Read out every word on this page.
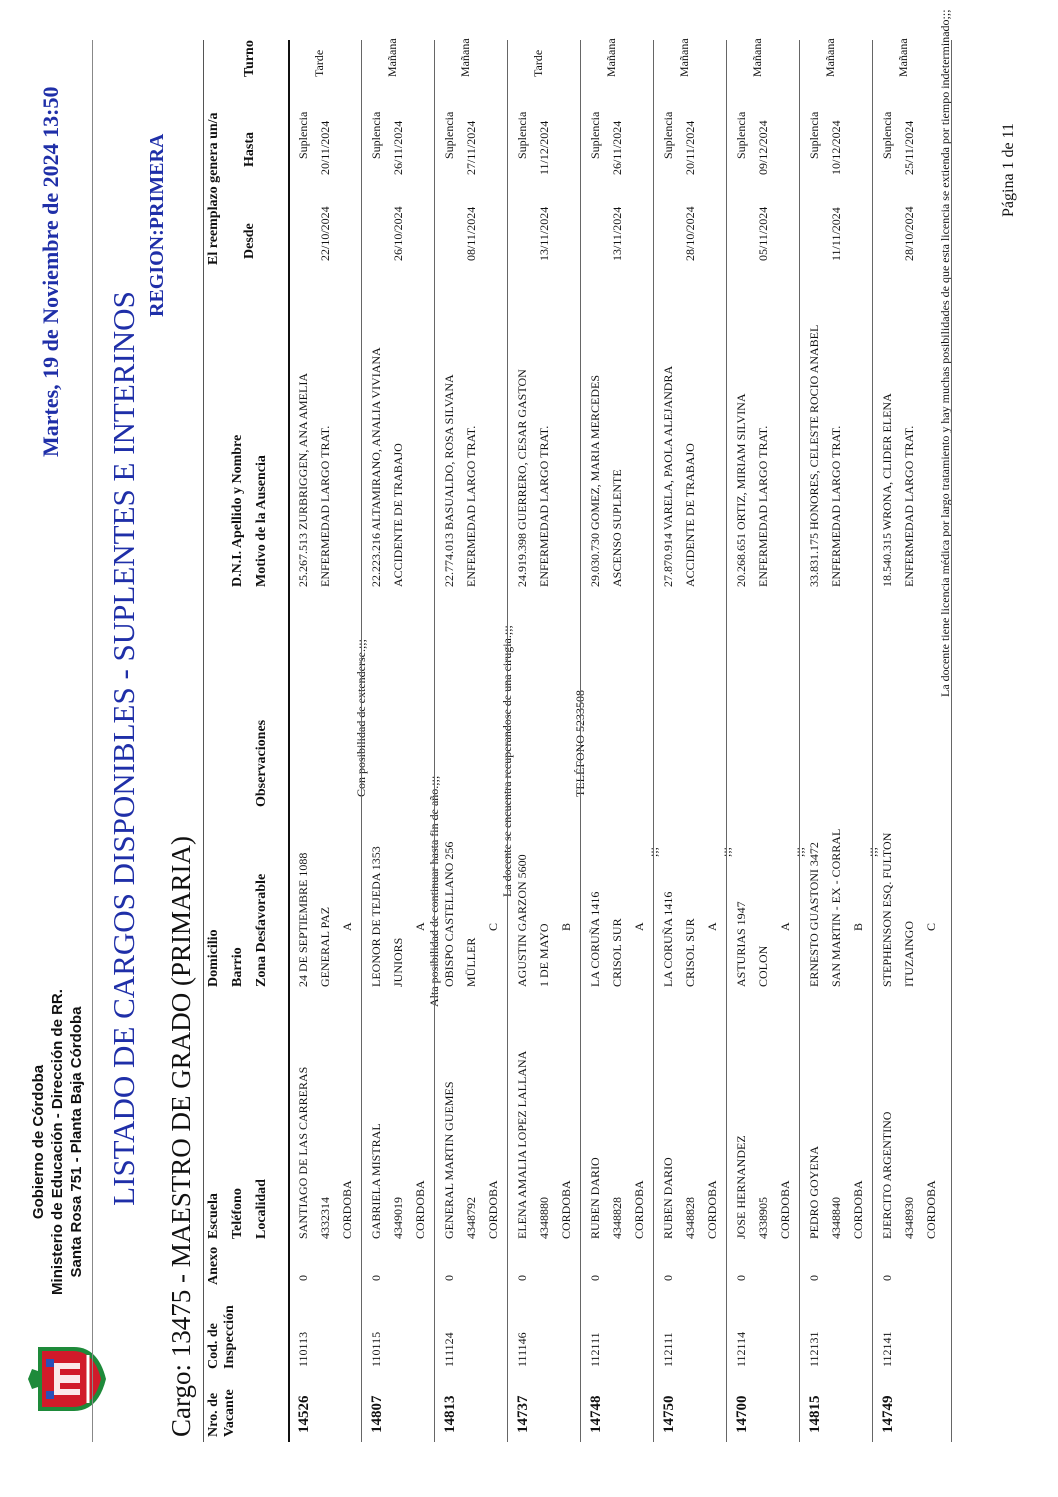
Gobierno de Córdoba Ministerio de Educación - Dirección de RR. Santa Rosa 751 - Planta Baja Córdoba
Martes, 19 de Noviembre de 2024 13:50
LISTADO DE CARGOS DISPONIBLES - SUPLENTES E INTERINOS
REGION:PRIMERA
Cargo: 13475 - MAESTRO DE GRADO (PRIMARIA) Nro. de Vacante
Cod. de Inspección
Anexo
Escuela Teléfono Localidad
Domicilio Barrio Zona Desfavorable
Observaciones
D.N.I. Apellido y Nombre Motivo de la Ausencia
El reemplazo genera un/a Desde
Hasta
Turno
14526
110113
0
SANTIAGO DE LAS CARRERAS 4332314 CORDOBA
24 DE SEPTIEMBRE 1088 GENERAL PAZ A
25.267.513 ZURBRIGGEN, ANA AMELIA ENFERMEDAD LARGO TRAT.
Suplencia
22/10/2024
20/11/2024
Tarde
Con posibilidad de extenderse.;;;
14807
110115
0
GABRIELA MISTRAL 4349019 CORDOBA
LEONOR DE TEJEDA 1353 JUNIORS
A
22.223.216 ALTAMIRANO, ANALIA VIVIANA ACCIDENTE DE TRABAJO
Suplencia
26/10/2024
26/11/2024
Mañana
Alta posibilidad de continuar hasta fin de año.;;;
14813
111124
0
GENERAL MARTIN GUEMES 4348792 CORDOBA
OBISPO CASTELLANO 256 MÜLLER
C
22.774.013 BASUALDO, ROSA SILVANA ENFERMEDAD LARGO TRAT.
Suplencia
08/11/2024
27/11/2024
Mañana
La docente se encuentra recuperandose de una cirugia.;;;
14737
111146
0
ELENA AMALIA LOPEZ LALLANA 4348880 CORDOBA
AGUSTIN GARZON 5600 1 DE MAYO B
24.919.398 GUERRERO, CESAR GASTON ENFERMEDAD LARGO TRAT.
Suplencia
13/11/2024
11/12/2024
Tarde
TELÉFONO 5233508
14748
112111
0
RUBEN DARIO 4348828 CORDOBA
LA CORUÑA 1416 CRISOL SUR A
29.030.730 GOMEZ, MARIA MERCEDES ASCENSO SUPLENTE
Suplencia
13/11/2024
26/11/2024
Mañana
;;;
14750
112111
0
RUBEN DARIO 4348828 CORDOBA
LA CORUÑA 1416 CRISOL SUR A
27.870.914 VARELA, PAOLA ALEJANDRA ACCIDENTE DE TRABAJO
Suplencia
28/10/2024
20/11/2024
Mañana
;;;
14700
112114
0
JOSE HERNANDEZ 4338905 CORDOBA
ASTURIAS 1947 COLON
A
20.268.651 ORTIZ, MIRIAM SILVINA ENFERMEDAD LARGO TRAT.
Suplencia
05/11/2024
09/12/2024
Mañana
;;;
14815
112131
0
PEDRO GOYENA 4348840 CORDOBA
ERNESTO GUASTONI 3472 SAN MARTIN - EX - CORRAL B
33.831.175 HONORES, CELESTE ROCIO ANABEL ENFERMEDAD LARGO TRAT.
Suplencia
11/11/2024
10/12/2024
Mañana
;;;
14749
112141
0
EJERCITO ARGENTINO 4348930 CORDOBA
STEPHENSON ESQ. FULTON ITUZAINGO C
18.540.315 WRONA, CLIDER ELENA ENFERMEDAD LARGO TRAT.
Suplencia
28/10/2024
25/11/2024
Mañana La docente tiene licencia médica por largo tratamiento y hay muchas posibilidades de que esta licencia se extienda por tiempo indeterminado;;;	Página 1 de 11
